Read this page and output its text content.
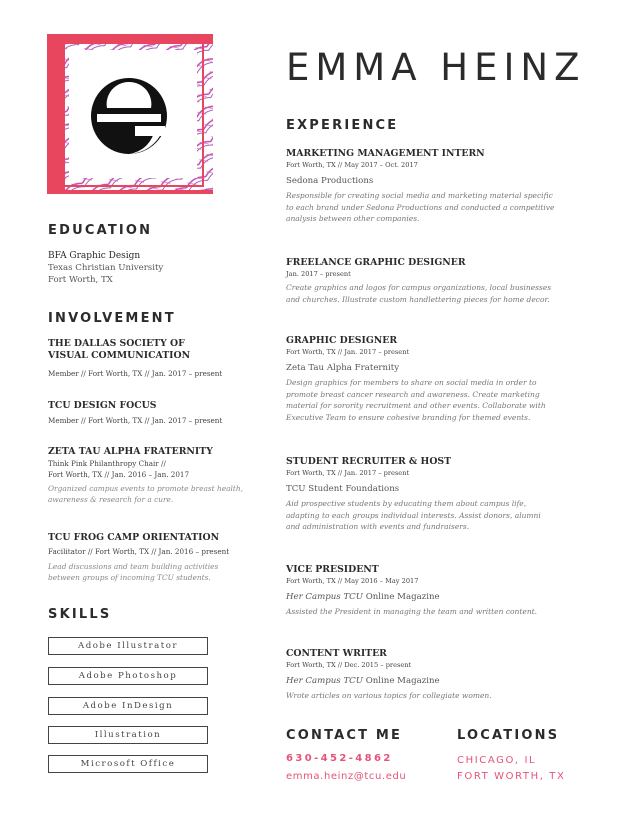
EMMA HEINZ
EDUCATION
BFA Graphic Design
Texas Christian University
Fort Worth, TX
INVOLVEMENT
THE DALLAS SOCIETY OF
VISUAL COMMUNICATION
Member // Fort Worth, TX // Jan. 2017 – present
TCU DESIGN FOCUS
Member // Fort Worth, TX // Jan. 2017 – present
ZETA TAU ALPHA FRATERNITY
Think Pink Philanthropy Chair //
Fort Worth, TX // Jan. 2016 – Jan. 2017
Organized campus events to promote breast health,
awareness & research for a cure.
TCU FROG CAMP ORIENTATION
Facilitator // Fort Worth, TX // Jan. 2016 – present
Lead discussions and team building activities
between groups of incoming TCU students.
SKILLS
Adobe Illustrator
Adobe Photoshop
Adobe InDesign
Illustration
Microsoft Office
EXPERIENCE
MARKETING MANAGEMENT INTERN
Fort Worth, TX // May 2017 – Oct. 2017
Sedona Productions
Responsible for creating social media and marketing material specific
to each brand under Sedona Productions and conducted a competitive
analysis between other companies.
FREELANCE GRAPHIC DESIGNER
Jan. 2017 – present
Create graphics and logos for campus organizations, local businesses
and churches. Illustrate custom handlettering pieces for home decor.
GRAPHIC DESIGNER
Fort Worth, TX // Jan. 2017 – present
Zeta Tau Alpha Fraternity
Design graphics for members to share on social media in order to
promote breast cancer research and awareness. Create marketing
material for sorority recruitment and other events. Collaborate with
Executive Team to ensure cohesive branding for themed events.
STUDENT RECRUITER & HOST
Fort Worth, TX // Jan. 2017 – present
TCU Student Foundations
Aid prospective students by educating them about campus life,
adapting to each groups individual interests. Assist donors, alumni
and administration with events and fundraisers.
VICE PRESIDENT
Fort Worth, TX // May 2016 – May 2017
Her Campus TCU Online Magazine
Assisted the President in managing the team and written content.
CONTENT WRITER
Fort Worth, TX // Dec. 2015 – present
Her Campus TCU Online Magazine
Wrote articles on various topics for collegiate women.
CONTACT ME
630-452-4862
emma.heinz@tcu.edu
LOCATIONS
CHICAGO, IL
FORT WORTH, TX
